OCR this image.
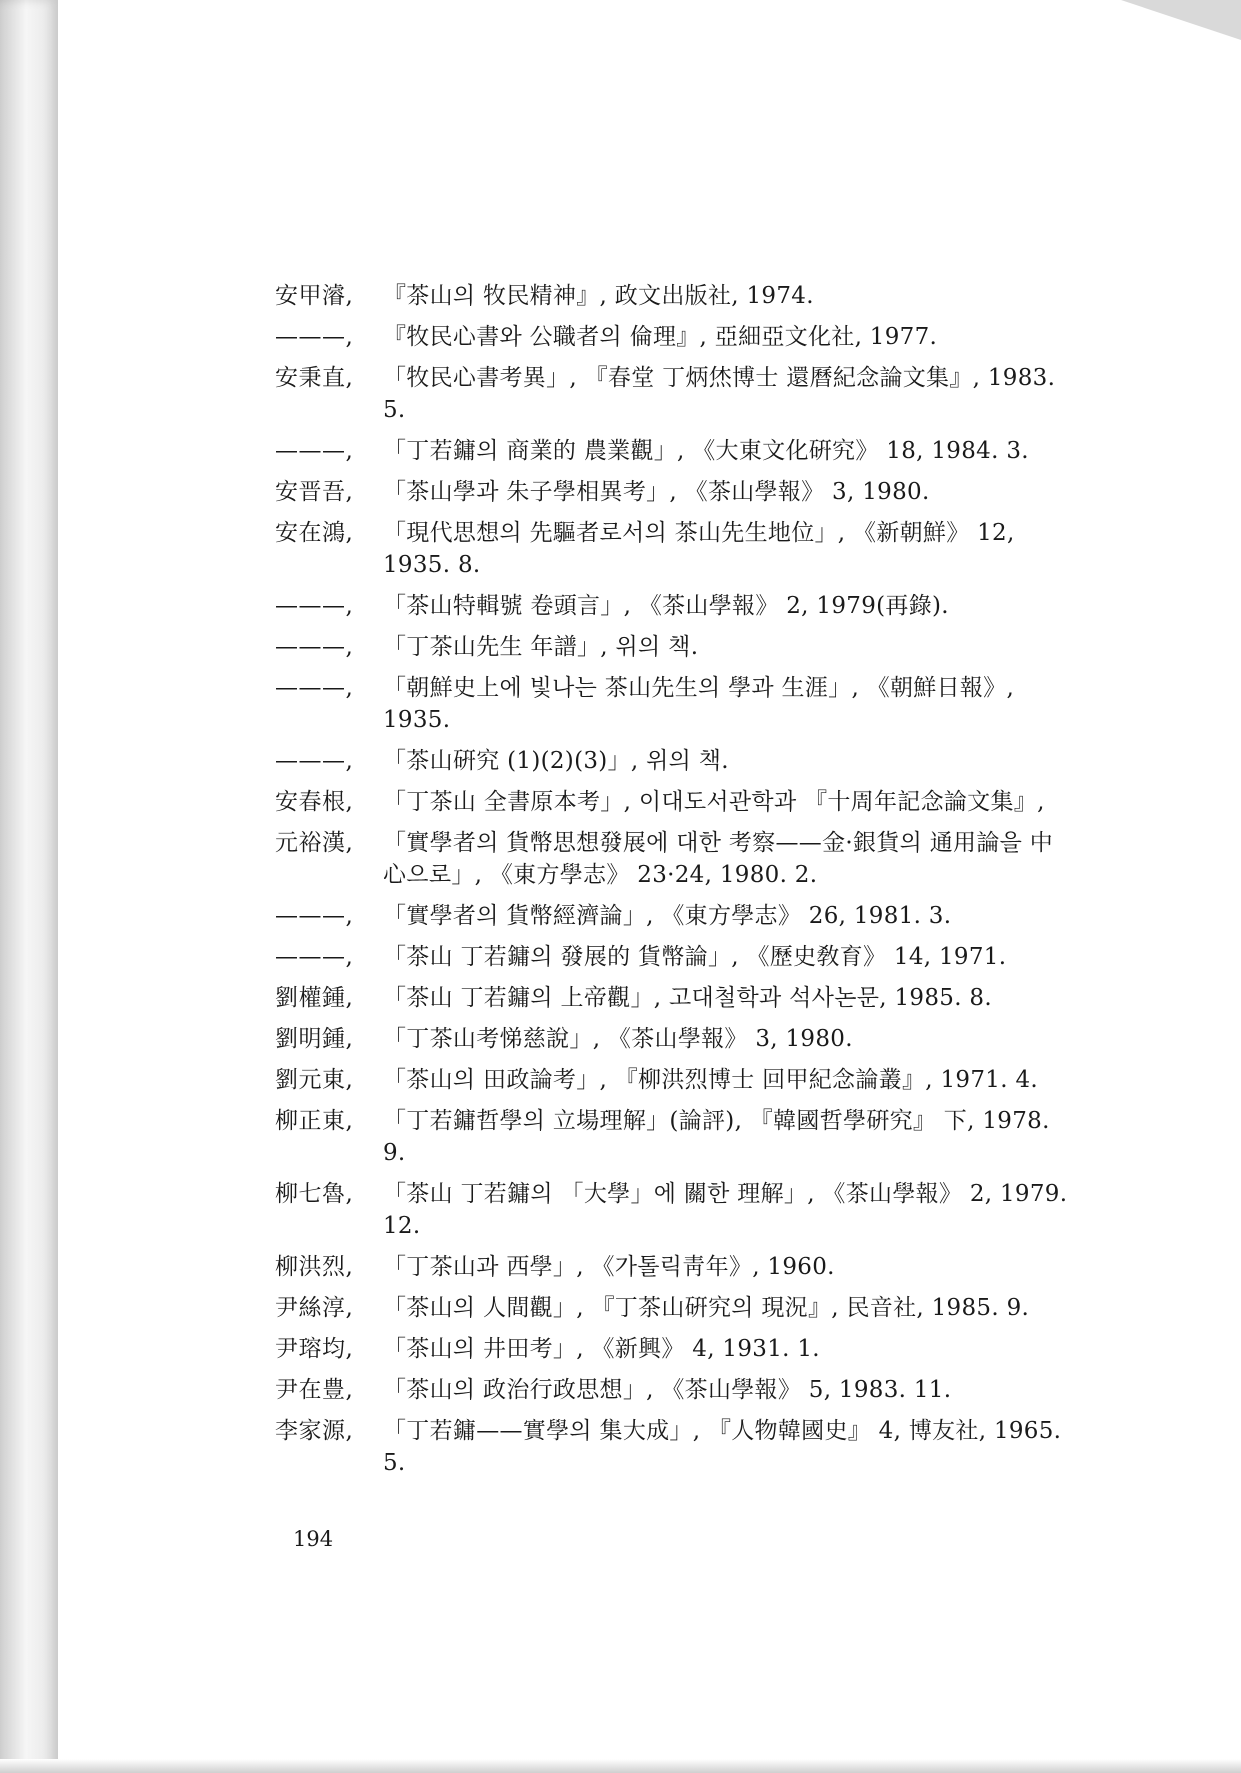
安甲濬,	『茶山의 牧民精神』, 政文出版社, 1974.
———,	『牧民心書와 公職者의 倫理』, 亞細亞文化社, 1977.
安秉直,	「牧民心書考異」, 『春堂 丁炳烋博士 還曆紀念論文集』, 1983. 5.
———,	「丁若鏞의 商業的 農業觀」, 《大東文化硏究》 18, 1984. 3.
安晋吾,	「茶山學과 朱子學相異考」, 《茶山學報》 3, 1980.
安在鴻,	「現代思想의 先驅者로서의 茶山先生地位」, 《新朝鮮》 12, 1935. 8.
———,	「茶山特輯號 卷頭言」, 《茶山學報》 2, 1979(再錄).
———,	「丁茶山先生 年譜」, 위의 책.
———,	「朝鮮史上에 빛나는 茶山先生의 學과 生涯」, 《朝鮮日報》, 1935.
———,	「茶山硏究 (1)(2)(3)」, 위의 책.
安春根,	「丁茶山 全書原本考」, 이대도서관학과 『十周年記念論文集』,
元裕漢,	「實學者의 貨幣思想發展에 대한 考察——金·銀貨의 通用論을 中心으로」, 《東方學志》 23·24, 1980. 2.
———,	「實學者의 貨幣經濟論」, 《東方學志》 26, 1981. 3.
———,	「茶山 丁若鏞의 發展的 貨幣論」, 《歷史敎育》 14, 1971.
劉權鍾,	「茶山 丁若鏞의 上帝觀」, 고대철학과 석사논문, 1985. 8.
劉明鍾,	「丁茶山考悌慈說」, 《茶山學報》 3, 1980.
劉元東,	「茶山의 田政論考」, 『柳洪烈博士 回甲紀念論叢』, 1971. 4.
柳正東,	「丁若鏞哲學의 立場理解」(論評), 『韓國哲學硏究』 下, 1978. 9.
柳七魯,	「茶山 丁若鏞의 「大學」에 關한 理解」, 《茶山學報》 2, 1979. 12.
柳洪烈,	「丁茶山과 西學」, 《가톨릭靑年》, 1960.
尹絲淳,	「茶山의 人間觀」, 『丁茶山硏究의 現況』, 民音社, 1985. 9.
尹瑢均,	「茶山의 井田考」, 《新興》 4, 1931. 1.
尹在豊,	「茶山의 政治行政思想」, 《茶山學報》 5, 1983. 11.
李家源,	「丁若鏞——實學의 集大成」, 『人物韓國史』 4, 博友社, 1965. 5.
194
